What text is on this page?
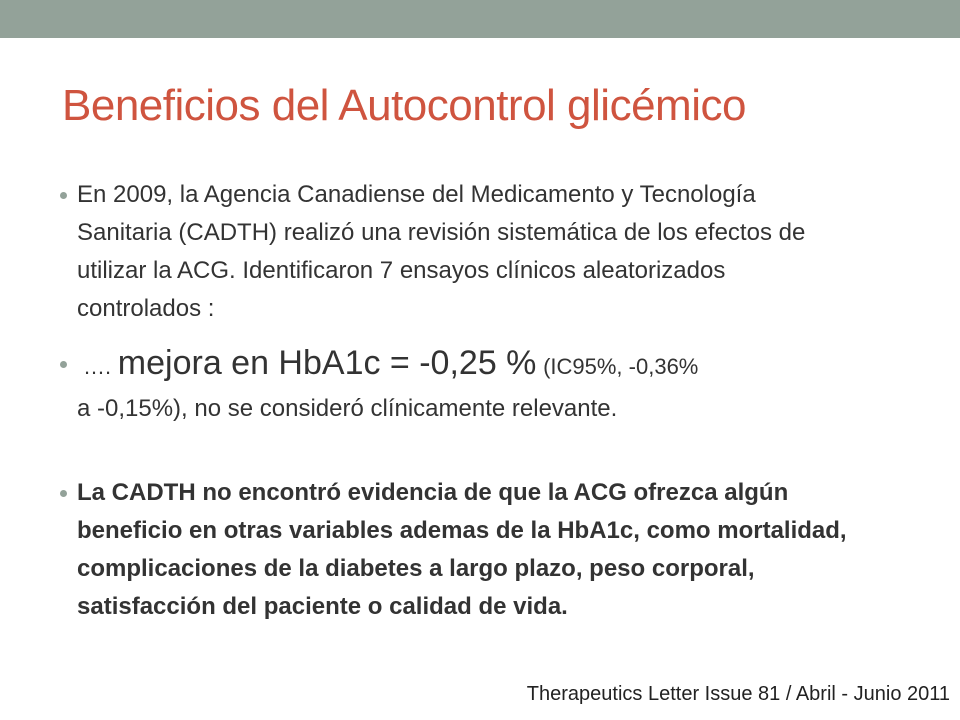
Beneficios del Autocontrol glicémico
En 2009, la Agencia Canadiense del Medicamento y Tecnología Sanitaria (CADTH) realizó una revisión sistemática de los efectos de utilizar la ACG. Identificaron 7 ensayos clínicos aleatorizados controlados :
…. mejora en HbA1c = -0,25 % (IC95%, -0,36%
a -0,15%), no se consideró clínicamente relevante.
La CADTH no encontró evidencia de que la ACG ofrezca algún beneficio en otras variables ademas de la HbA1c, como mortalidad, complicaciones de la diabetes a largo plazo, peso corporal, satisfacción del paciente o calidad de vida.
Therapeutics Letter Issue 81 / Abril - Junio 2011
